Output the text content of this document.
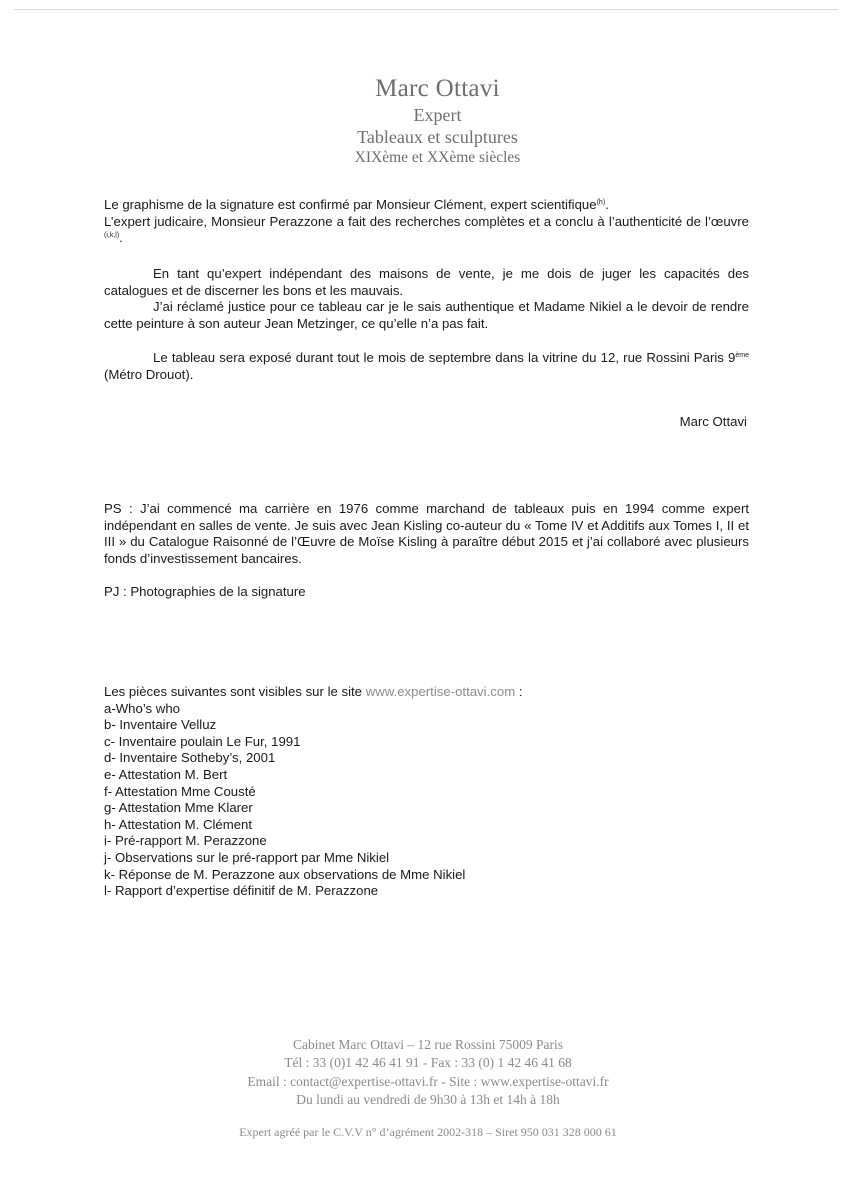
Marc Ottavi
Expert
Tableaux et sculptures
XIXème et XXème siècles

Le graphisme de la signature est confirmé par Monsieur Clément, expert scientifique$^{(h)}$.

L’expert judicaire, Monsieur Perazzone a fait des recherches complètes et a conclu à l’authenticité de l’œuvre $^{(i,k,l)}$.

En tant qu’expert indépendant des maisons de vente, je me dois de juger les capacités des catalogues et de discerner les bons et les mauvais.

J’ai réclamé justice pour ce tableau car je le sais authentique et Madame Nikiel a le devoir de rendre cette peinture à son auteur Jean Metzinger, ce qu’elle n’a pas fait.

Le tableau sera exposé durant tout le mois de septembre dans la vitrine du 12, rue Rossini Paris 9ème (Métro Drouot).

Marc Ottavi

PS : J’ai commencé ma carrière en 1976 comme marchand de tableaux puis en 1994 comme expert indépendant en salles de vente. Je suis avec Jean Kisling co-auteur du « Tome IV et Additifs aux Tomes I, II et III » du Catalogue Raisonné de l’Œuvre de Moïse Kisling à paraître début 2015 et j’ai collaboré avec plusieurs fonds d’investissement bancaires.

PJ : Photographies de la signature

Les pièces suivantes sont visibles sur le site www.expertise-ottavi.com :

a-Who’s who
b- Inventaire Velluz
c- Inventaire poulain Le Fur, 1991
d- Inventaire Sotheby’s, 2001
e- Attestation M. Bert
f- Attestation Mme Cousté
g- Attestation Mme Klarer
h- Attestation M. Clément
i- Pré-rapport M. Perazzone
j- Observations sur le pré-rapport par Mme Nikiel
k- Réponse de M. Perazzone aux observations de Mme Nikiel
l- Rapport d’expertise définitif de M. Perazzone
Cabinet Marc Ottavi – 12 rue Rossini 75009 Paris
Tél : 33 (0)1 42 46 41 91 - Fax : 33 (0) 1 42 46 41 68
Email : contact@expertise-ottavi.fr - Site : www.expertise-ottavi.fr
Du lundi au vendredi de 9h30 à 13h et 14h à 18h
Expert agréé par le C.V.V n° d’agrément 2002-318 – Siret 950 031 328 000 61
